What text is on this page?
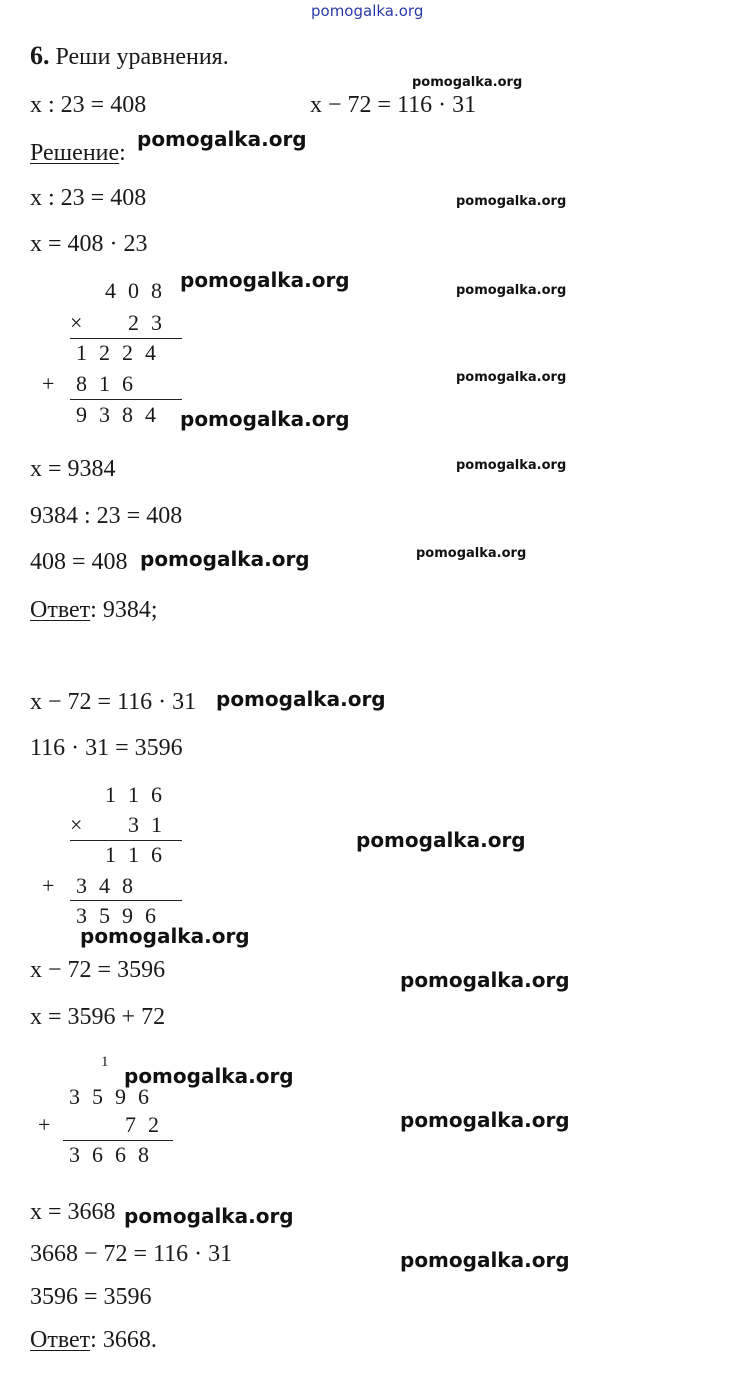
pomogalka.org
6. Реши уравнения.
x : 23 = 408	x − 72 = 116 · 31
Решение:
x : 23 = 408
x = 408 · 23
4 0 8
× 2 3
1 2 2 4
+ 8 1 6
9 3 8 4
x = 9384
9384 : 23 = 408
408 = 408
Ответ: 9384;
x − 72 = 116 · 31
116 · 31 = 3596
1 1 6
× 3 1
1 1 6
+ 3 4 8
3 5 9 6
x − 72 = 3596
x = 3596 + 72
1
3 5 9 6
+	7 2
3 6 6 8
x = 3668
3668 − 72 = 116 · 31
3596 = 3596
Ответ: 3668.
pomogalka.org
pomogalka.org
pomogalka.org
pomogalka.org	pomogalka.org
pomogalka.org
pomogalka.org
pomogalka.org
pomogalka.org	pomogalka.org
pomogalka.org
pomogalka.org
pomogalka.org
pomogalka.org
pomogalka.org
pomogalka.org
pomogalka.org
pomogalka.org
